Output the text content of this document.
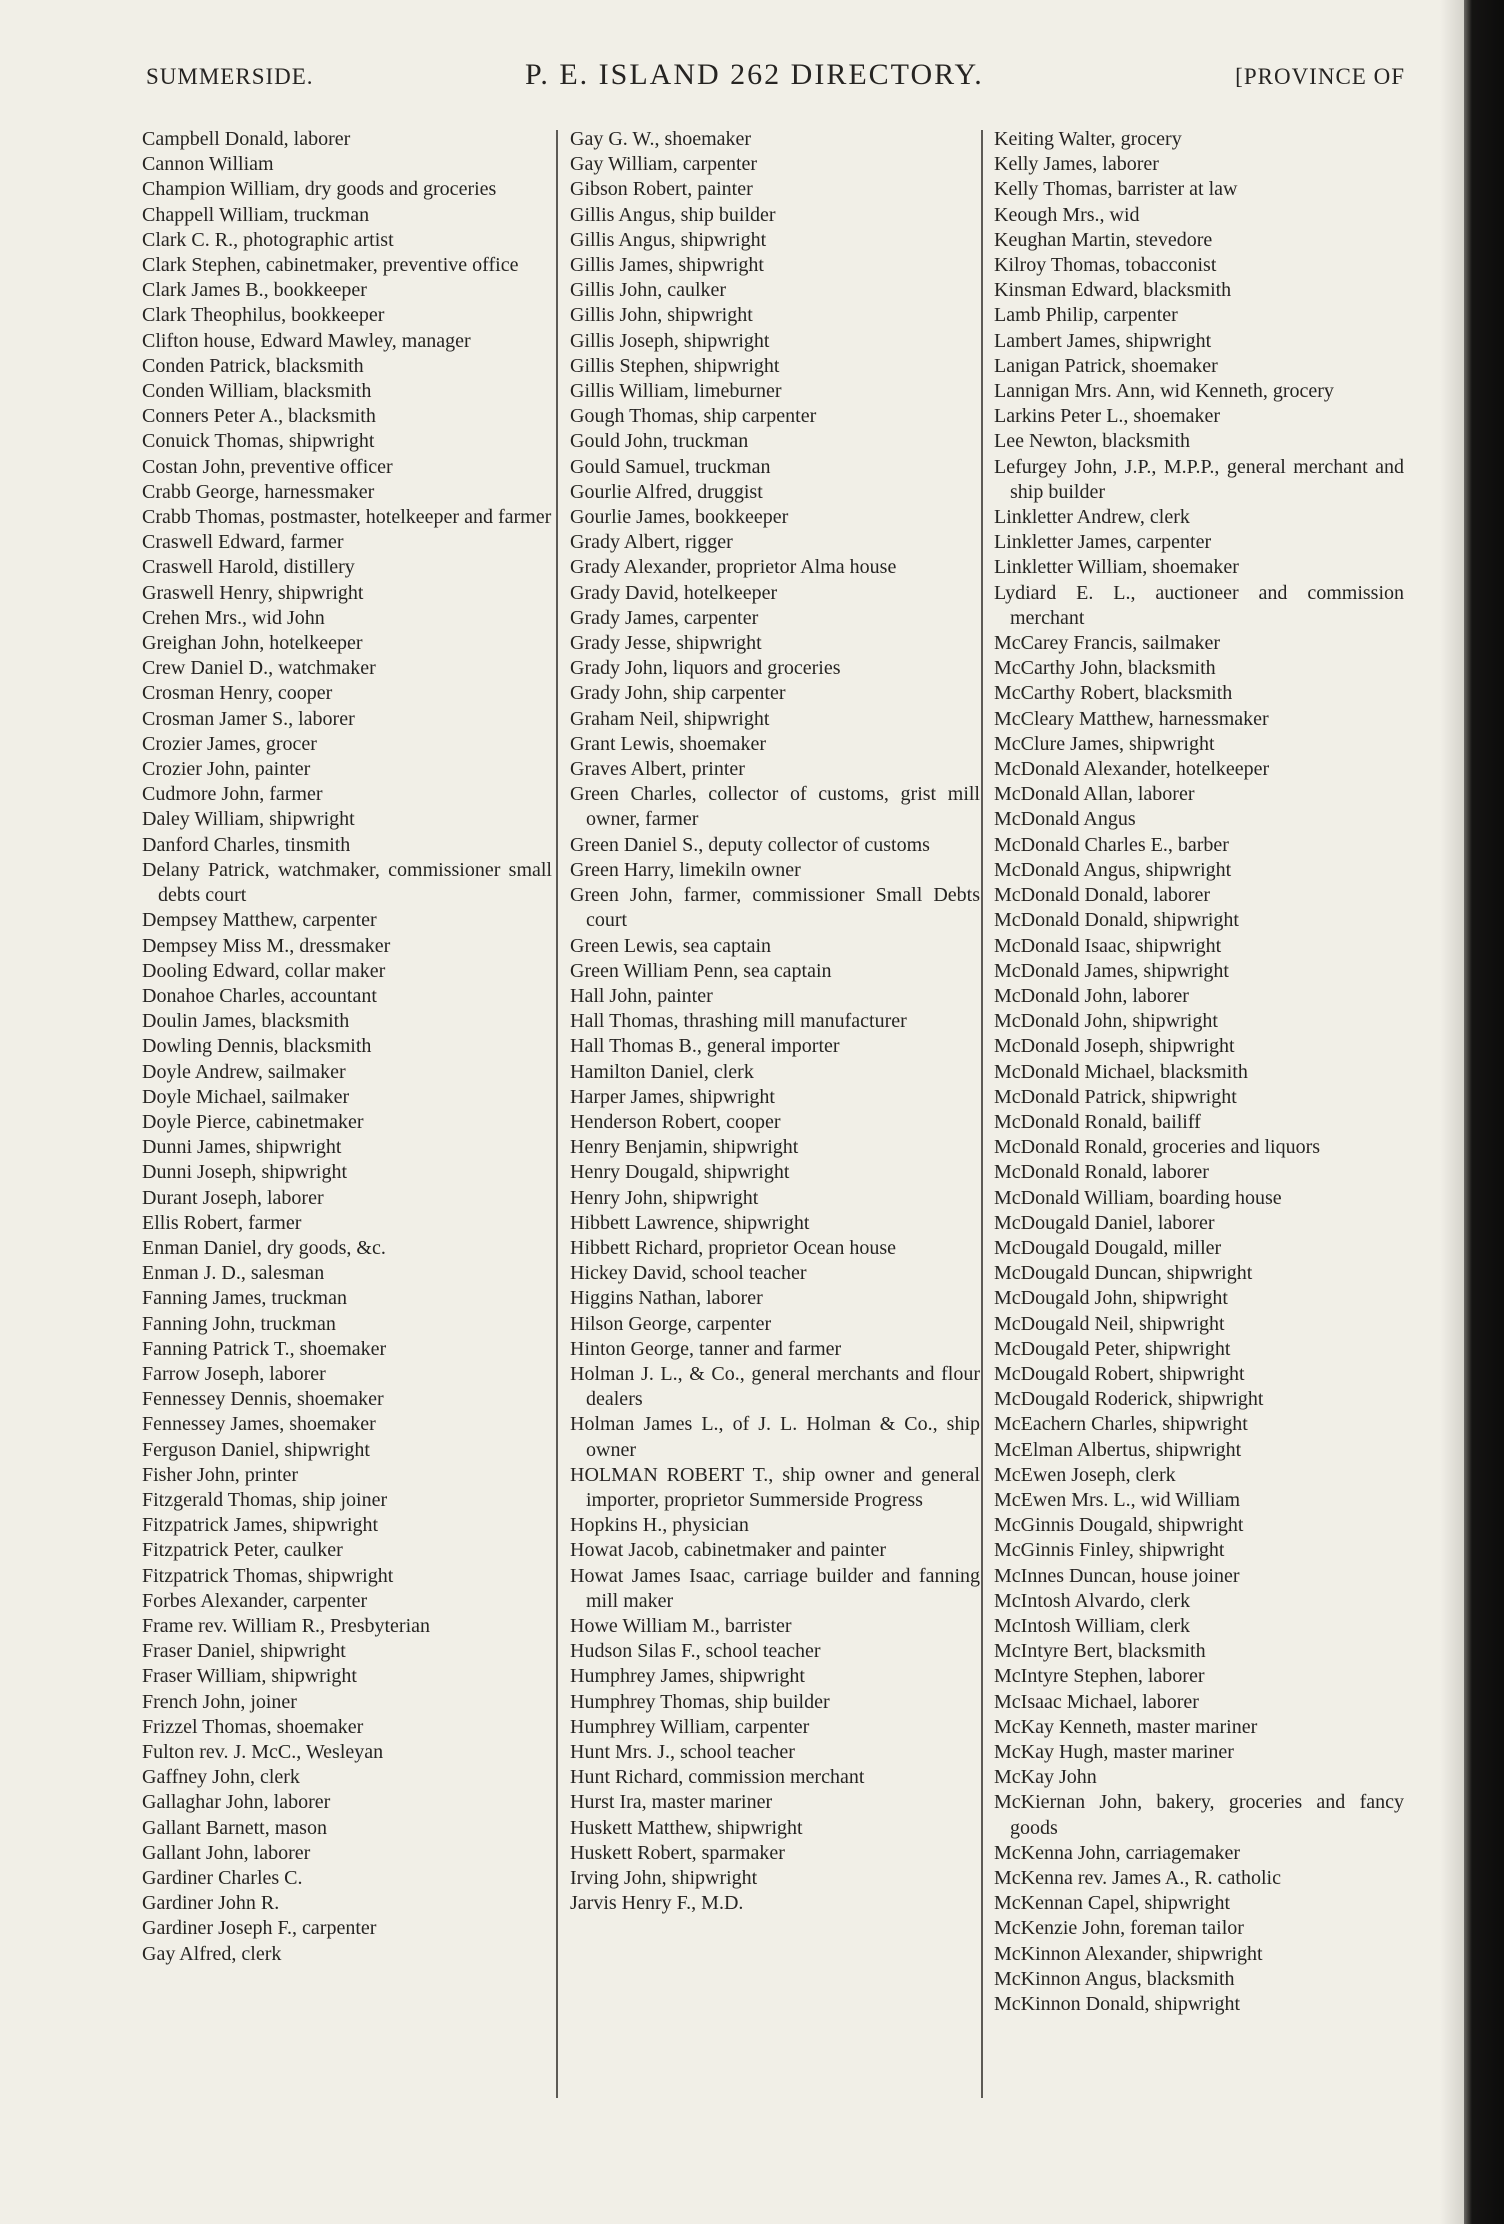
SUMMERSIDE.	P. E. ISLAND 262 DIRECTORY.	[PROVINCE OF
Campbell Donald, laborer
Cannon William
Champion William, dry goods and groceries
Chappell William, truckman
Clark C. R., photographic artist
Clark Stephen, cabinetmaker, preventive office
Clark James B., bookkeeper
Clark Theophilus, bookkeeper
Clifton house, Edward Mawley, manager
Conden Patrick, blacksmith
Conden William, blacksmith
Conners Peter A., blacksmith
Conuick Thomas, shipwright
Costan John, preventive officer
Crabb George, harnessmaker
Crabb Thomas, postmaster, hotelkeeper and farmer
Craswell Edward, farmer
Craswell Harold, distillery
Graswell Henry, shipwright
Crehen Mrs., wid John
Greighan John, hotelkeeper
Crew Daniel D., watchmaker
Crosman Henry, cooper
Crosman Jamer S., laborer
Crozier James, grocer
Crozier John, painter
Cudmore John, farmer
Daley William, shipwright
Danford Charles, tinsmith
Delany Patrick, watchmaker, commissioner small debts court
Dempsey Matthew, carpenter
Dempsey Miss M., dressmaker
Dooling Edward, collar maker
Donahoe Charles, accountant
Doulin James, blacksmith
Dowling Dennis, blacksmith
Doyle Andrew, sailmaker
Doyle Michael, sailmaker
Doyle Pierce, cabinetmaker
Dunni James, shipwright
Dunni Joseph, shipwright
Durant Joseph, laborer
Ellis Robert, farmer
Enman Daniel, dry goods, &c.
Enman J. D., salesman
Fanning James, truckman
Fanning John, truckman
Fanning Patrick T., shoemaker
Farrow Joseph, laborer
Fennessey Dennis, shoemaker
Fennessey James, shoemaker
Ferguson Daniel, shipwright
Fisher John, printer
Fitzgerald Thomas, ship joiner
Fitzpatrick James, shipwright
Fitzpatrick Peter, caulker
Fitzpatrick Thomas, shipwright
Forbes Alexander, carpenter
Frame rev. William R., Presbyterian
Fraser Daniel, shipwright
Fraser William, shipwright
French John, joiner
Frizzel Thomas, shoemaker
Fulton rev. J. McC., Wesleyan
Gaffney John, clerk
Gallaghar John, laborer
Gallant Barnett, mason
Gallant John, laborer
Gardiner Charles C.
Gardiner John R.
Gardiner Joseph F., carpenter
Gay Alfred, clerk
Gay G. W., shoemaker
Gay William, carpenter
Gibson Robert, painter
Gillis Angus, ship builder
Gillis Angus, shipwright
Gillis James, shipwright
Gillis John, caulker
Gillis John, shipwright
Gillis Joseph, shipwright
Gillis Stephen, shipwright
Gillis William, limeburner
Gough Thomas, ship carpenter
Gould John, truckman
Gould Samuel, truckman
Gourlie Alfred, druggist
Gourlie James, bookkeeper
Grady Albert, rigger
Grady Alexander, proprietor Alma house
Grady David, hotelkeeper
Grady James, carpenter
Grady Jesse, shipwright
Grady John, liquors and groceries
Grady John, ship carpenter
Graham Neil, shipwright
Grant Lewis, shoemaker
Graves Albert, printer
Green Charles, collector of customs, grist mill owner, farmer
Green Daniel S., deputy collector of customs
Green Harry, limekiln owner
Green John, farmer, commissioner Small Debts court
Green Lewis, sea captain
Green William Penn, sea captain
Hall John, painter
Hall Thomas, thrashing mill manufacturer
Hall Thomas B., general importer
Hamilton Daniel, clerk
Harper James, shipwright
Henderson Robert, cooper
Henry Benjamin, shipwright
Henry Dougald, shipwright
Henry John, shipwright
Hibbett Lawrence, shipwright
Hibbett Richard, proprietor Ocean house
Hickey David, school teacher
Higgins Nathan, laborer
Hilson George, carpenter
Hinton George, tanner and farmer
Holman J. L., & Co., general merchants and flour dealers
Holman James L., of J. L. Holman & Co., ship owner
HOLMAN ROBERT T., ship owner and general importer, proprietor Summerside Progress
Hopkins H., physician
Howat Jacob, cabinetmaker and painter
Howat James Isaac, carriage builder and fanning mill maker
Howe William M., barrister
Hudson Silas F., school teacher
Humphrey James, shipwright
Humphrey Thomas, ship builder
Humphrey William, carpenter
Hunt Mrs. J., school teacher
Hunt Richard, commission merchant
Hurst Ira, master mariner
Huskett Matthew, shipwright
Huskett Robert, sparmaker
Irving John, shipwright
Jarvis Henry F., M.D.
Keiting Walter, grocery
Kelly James, laborer
Kelly Thomas, barrister at law
Keough Mrs., wid
Keughan Martin, stevedore
Kilroy Thomas, tobacconist
Kinsman Edward, blacksmith
Lamb Philip, carpenter
Lambert James, shipwright
Lanigan Patrick, shoemaker
Lannigan Mrs. Ann, wid Kenneth, grocery
Larkins Peter L., shoemaker
Lee Newton, blacksmith
Lefurgey John, J.P., M.P.P., general merchant and ship builder
Linkletter Andrew, clerk
Linkletter James, carpenter
Linkletter William, shoemaker
Lydiard E. L., auctioneer and commission merchant
McCarey Francis, sailmaker
McCarthy John, blacksmith
McCarthy Robert, blacksmith
McCleary Matthew, harnessmaker
McClure James, shipwright
McDonald Alexander, hotelkeeper
McDonald Allan, laborer
McDonald Angus
McDonald Charles E., barber
McDonald Angus, shipwright
McDonald Donald, laborer
McDonald Donald, shipwright
McDonald Isaac, shipwright
McDonald James, shipwright
McDonald John, laborer
McDonald John, shipwright
McDonald Joseph, shipwright
McDonald Michael, blacksmith
McDonald Patrick, shipwright
McDonald Ronald, bailiff
McDonald Ronald, groceries and liquors
McDonald Ronald, laborer
McDonald William, boarding house
McDougald Daniel, laborer
McDougald Dougald, miller
McDougald Duncan, shipwright
McDougald John, shipwright
McDougald Neil, shipwright
McDougald Peter, shipwright
McDougald Robert, shipwright
McDougald Roderick, shipwright
McEachern Charles, shipwright
McElman Albertus, shipwright
McEwen Joseph, clerk
McEwen Mrs. L., wid William
McGinnis Dougald, shipwright
McGinnis Finley, shipwright
McInnes Duncan, house joiner
McIntosh Alvardo, clerk
McIntosh William, clerk
McIntyre Bert, blacksmith
McIntyre Stephen, laborer
McIsaac Michael, laborer
McKay Kenneth, master mariner
McKay Hugh, master mariner
McKay John
McKiernan John, bakery, groceries and fancy goods
McKenna John, carriagemaker
McKenna rev. James A., R. catholic
McKennan Capel, shipwright
McKenzie John, foreman tailor
McKinnon Alexander, shipwright
McKinnon Angus, blacksmith
McKinnon Donald, shipwright
